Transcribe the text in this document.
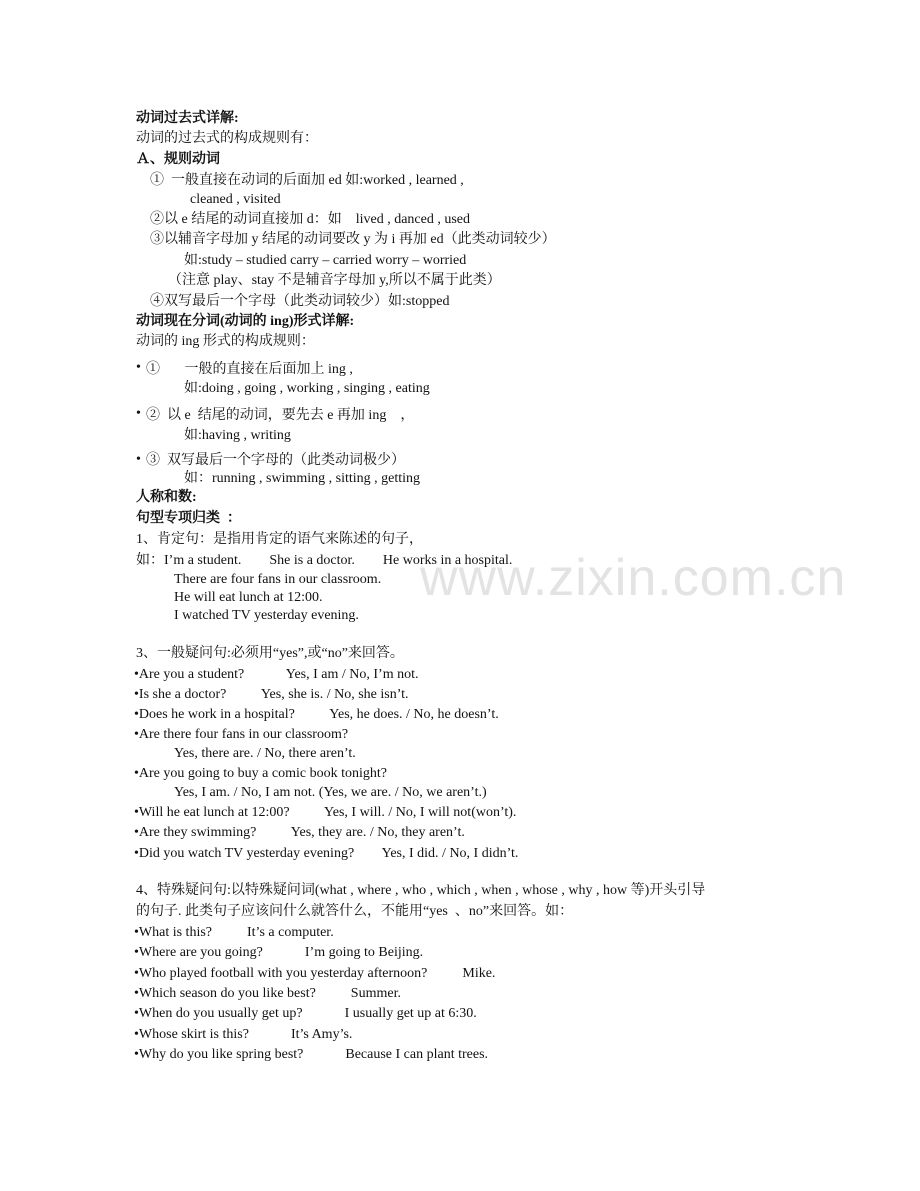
www.zixin.com.cn
动词过去式详解:
动词的过去式的构成规则有：
Ａ、规则动词
①  一般直接在动词的后面加 ed 如:worked , learned ,
cleaned , visited
②以 e 结尾的动词直接加 d：如    lived , danced , used
③以辅音字母加 y 结尾的动词要改 y 为 i 再加 ed（此类动词较少）
如:study – studied carry – carried worry – worried
（注意 play、stay 不是辅音字母加 y,所以不属于此类）
④双写最后一个字母（此类动词较少）如:stopped
动词现在分词(动词的 ing)形式详解:
动词的 ing 形式的构成规则：
• ①       一般的直接在后面加上 ing ,
如:doing , going , working , singing , eating
• ②  以 e  结尾的动词，要先去 e 再加 ing    ，
如:having , writing
• ③  双写最后一个字母的（此类动词极少）
如：running , swimming , sitting , getting
人称和数:
句型专项归类  ：
1、肯定句：是指用肯定的语气来陈述的句子，
如：I’m a student.        She is a doctor.        He works in a hospital.
There are four fans in our classroom.
He will eat lunch at 12:00.
I watched TV yesterday evening.
3、一般疑问句:必须用“yes”,或“no”来回答。
•Are you a student?            Yes, I am / No, I’m not.
•Is she a doctor?          Yes, she is. / No, she isn’t.
•Does he work in a hospital?          Yes, he does. / No, he doesn’t.
•Are there four fans in our classroom?
Yes, there are. / No, there aren’t.
•Are you going to buy a comic book tonight?
Yes, I am. / No, I am not. (Yes, we are. / No, we aren’t.)
•Will he eat lunch at 12:00?          Yes, I will. / No, I will not(won’t).
•Are they swimming?          Yes, they are. / No, they aren’t.
•Did you watch TV yesterday evening?        Yes, I did. / No, I didn’t.
4、特殊疑问句:以特殊疑问词(what , where , who , which , when , whose , why , how 等)开头引导
的句子. 此类句子应该问什么就答什么，不能用“yes  、no”来回答。如：
•What is this?          It’s a computer.
•Where are you going?            I’m going to Beijing.
•Who played football with you yesterday afternoon?          Mike.
•Which season do you like best?          Summer.
•When do you usually get up?            I usually get up at 6:30.
•Whose skirt is this?            It’s Amy’s.
•Why do you like spring best?            Because I can plant trees.
